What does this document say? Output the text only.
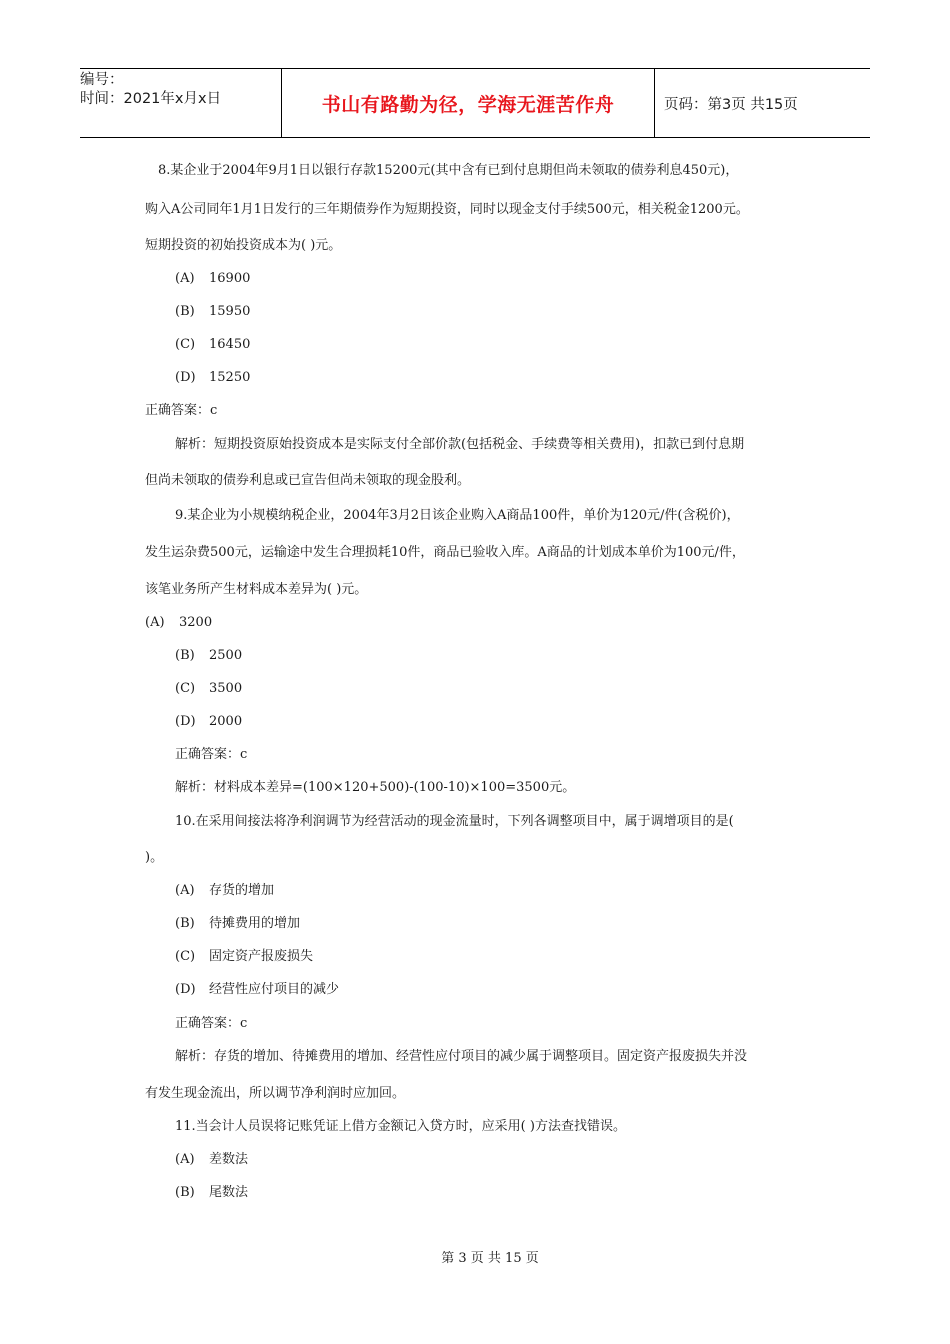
编号：
时间：2021年x月x日	书山有路勤为径，学海无涯苦作舟	页码：第3页 共15页
8.某企业于2004年9月1日以银行存款15200元(其中含有已到付息期但尚未领取的债券利息450元)，
购入A公司同年1月1日发行的三年期债券作为短期投资，同时以现金支付手续500元，相关税金1200元。
短期投资的初始投资成本为( )元。
(A) 16900
(B) 15950
(C) 16450
(D) 15250
正确答案：c
解析：短期投资原始投资成本是实际支付全部价款(包括税金、手续费等相关费用)，扣款已到付息期
但尚未领取的债券利息或已宣告但尚未领取的现金股利。
9.某企业为小规模纳税企业，2004年3月2日该企业购入A商品100件，单价为120元/件(含税价)，
发生运杂费500元，运输途中发生合理损耗10件，商品已验收入库。A商品的计划成本单价为100元/件，
该笔业务所产生材料成本差异为( )元。
(A) 3200
(B) 2500
(C) 3500
(D) 2000
正确答案：c
解析：材料成本差异=(100×120+500)-(100-10)×100=3500元。
10.在采用间接法将净利润调节为经营活动的现金流量时，下列各调整项目中，属于调增项目的是(
)。
(A) 存货的增加
(B) 待摊费用的增加
(C) 固定资产报废损失
(D) 经营性应付项目的减少
正确答案：c
解析：存货的增加、待摊费用的增加、经营性应付项目的减少属于调整项目。固定资产报废损失并没
有发生现金流出，所以调节净利润时应加回。
11.当会计人员误将记账凭证上借方金额记入贷方时，应采用( )方法查找错误。
(A) 差数法
(B) 尾数法
第 3 页 共 15 页
